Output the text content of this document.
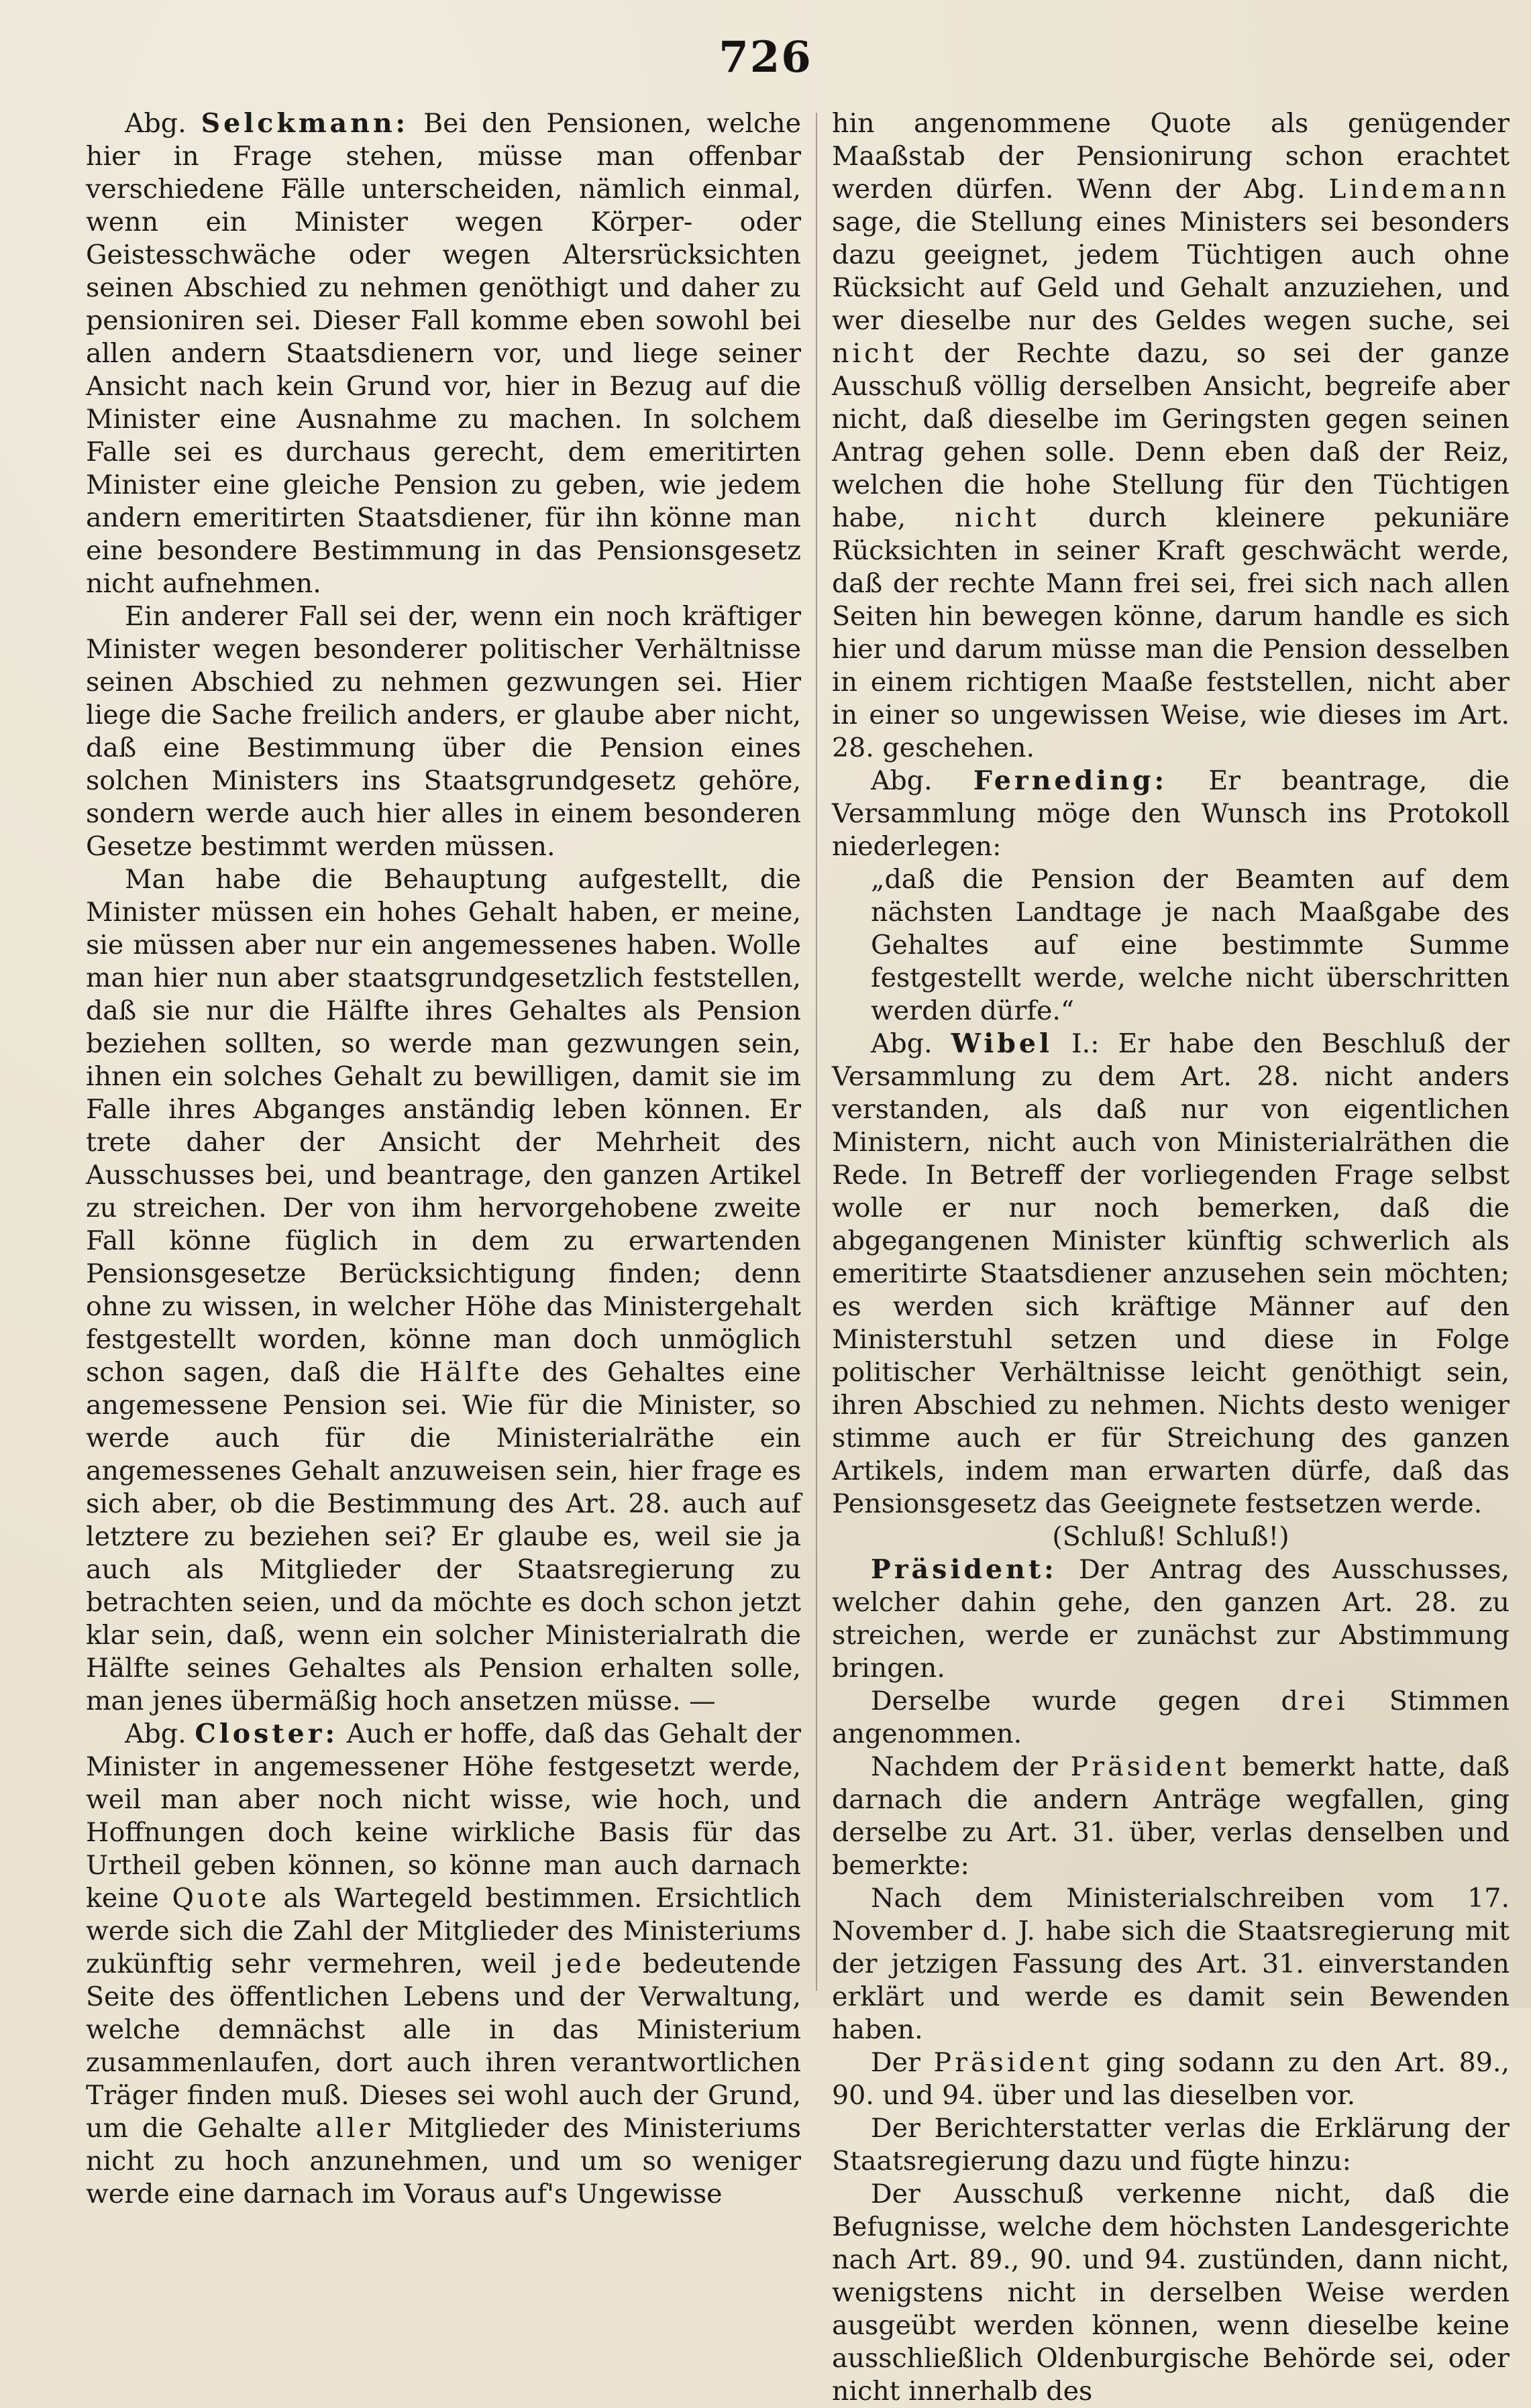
726

Abg. Selckmann: Bei den Pensionen, welche hier in Frage stehen, müsse man offenbar verschiedene Fälle unterscheiden, nämlich einmal, wenn ein Minister wegen Körper- oder Geistesschwäche oder wegen Altersrücksichten seinen Abschied zu nehmen genöthigt und daher zu pensioniren sei. Dieser Fall komme eben sowohl bei allen andern Staatsdienern vor, und liege seiner Ansicht nach kein Grund vor, hier in Bezug auf die Minister eine Ausnahme zu machen. In solchem Falle sei es durchaus gerecht, dem emeritirten Minister eine gleiche Pension zu geben, wie jedem andern emeritirten Staatsdiener, für ihn könne man eine besondere Bestimmung in das Pensionsgesetz nicht aufnehmen.

Ein anderer Fall sei der, wenn ein noch kräftiger Minister wegen besonderer politischer Verhältnisse seinen Abschied zu nehmen gezwungen sei. Hier liege die Sache freilich anders, er glaube aber nicht, daß eine Bestimmung über die Pension eines solchen Ministers ins Staatsgrundgesetz gehöre, sondern werde auch hier alles in einem besonderen Gesetze bestimmt werden müssen.

Man habe die Behauptung aufgestellt, die Minister müssen ein hohes Gehalt haben, er meine, sie müssen aber nur ein angemessenes haben. Wolle man hier nun aber staatsgrundgesetzlich feststellen, daß sie nur die Hälfte ihres Gehaltes als Pension beziehen sollten, so werde man gezwungen sein, ihnen ein solches Gehalt zu bewilligen, damit sie im Falle ihres Abganges anständig leben können. Er trete daher der Ansicht der Mehrheit des Ausschusses bei, und beantrage, den ganzen Artikel zu streichen. Der von ihm hervorgehobene zweite Fall könne füglich in dem zu erwartenden Pensionsgesetze Berücksichtigung finden; denn ohne zu wissen, in welcher Höhe das Ministergehalt festgestellt worden, könne man doch unmöglich schon sagen, daß die Hälfte des Gehaltes eine angemessene Pension sei. Wie für die Minister, so werde auch für die Ministerialräthe ein angemessenes Gehalt anzuweisen sein, hier frage es sich aber, ob die Bestimmung des Art. 28. auch auf letztere zu beziehen sei? Er glaube es, weil sie ja auch als Mitglieder der Staatsregierung zu betrachten seien, und da möchte es doch schon jetzt klar sein, daß, wenn ein solcher Ministerialrath die Hälfte seines Gehaltes als Pension erhalten solle, man jenes übermäßig hoch ansetzen müsse. —

Abg. Closter: Auch er hoffe, daß das Gehalt der Minister in angemessener Höhe festgesetzt werde, weil man aber noch nicht wisse, wie hoch, und Hoffnungen doch keine wirkliche Basis für das Urtheil geben können, so könne man auch darnach keine Quote als Wartegeld bestimmen. Ersichtlich werde sich die Zahl der Mitglieder des Ministeriums zukünftig sehr vermehren, weil jede bedeutende Seite des öffentlichen Lebens und der Verwaltung, welche demnächst alle in das Ministerium zusammenlaufen, dort auch ihren verantwortlichen Träger finden muß. Dieses sei wohl auch der Grund, um die Gehalte aller Mitglieder des Ministeriums nicht zu hoch anzunehmen, und um so weniger werde eine darnach im Voraus auf's Ungewisse

hin angenommene Quote als genügender Maaßstab der Pensionirung schon erachtet werden dürfen. Wenn der Abg. Lindemann sage, die Stellung eines Ministers sei besonders dazu geeignet, jedem Tüchtigen auch ohne Rücksicht auf Geld und Gehalt anzuziehen, und wer dieselbe nur des Geldes wegen suche, sei nicht der Rechte dazu, so sei der ganze Ausschuß völlig derselben Ansicht, begreife aber nicht, daß dieselbe im Geringsten gegen seinen Antrag gehen solle. Denn eben daß der Reiz, welchen die hohe Stellung für den Tüchtigen habe, nicht durch kleinere pekuniäre Rücksichten in seiner Kraft geschwächt werde, daß der rechte Mann frei sei, frei sich nach allen Seiten hin bewegen könne, darum handle es sich hier und darum müsse man die Pension desselben in einem richtigen Maaße feststellen, nicht aber in einer so ungewissen Weise, wie dieses im Art. 28. geschehen.

Abg. Ferneding: Er beantrage, die Versammlung möge den Wunsch ins Protokoll niederlegen:

„daß die Pension der Beamten auf dem nächsten Landtage je nach Maaßgabe des Gehaltes auf eine bestimmte Summe festgestellt werde, welche nicht überschritten werden dürfe.“

Abg. Wibel I.: Er habe den Beschluß der Versammlung zu dem Art. 28. nicht anders verstanden, als daß nur von eigentlichen Ministern, nicht auch von Ministerialräthen die Rede. In Betreff der vorliegenden Frage selbst wolle er nur noch bemerken, daß die abgegangenen Minister künftig schwerlich als emeritirte Staatsdiener anzusehen sein möchten; es werden sich kräftige Männer auf den Ministerstuhl setzen und diese in Folge politischer Verhältnisse leicht genöthigt sein, ihren Abschied zu nehmen. Nichts desto weniger stimme auch er für Streichung des ganzen Artikels, indem man erwarten dürfe, daß das Pensionsgesetz das Geeignete festsetzen werde.

(Schluß! Schluß!)

Präsident: Der Antrag des Ausschusses, welcher dahin gehe, den ganzen Art. 28. zu streichen, werde er zunächst zur Abstimmung bringen.

Derselbe wurde gegen drei Stimmen angenommen.

Nachdem der Präsident bemerkt hatte, daß darnach die andern Anträge wegfallen, ging derselbe zu Art. 31. über, verlas denselben und bemerkte:

Nach dem Ministerialschreiben vom 17. November d. J. habe sich die Staatsregierung mit der jetzigen Fassung des Art. 31. einverstanden erklärt und werde es damit sein Bewenden haben.

Der Präsident ging sodann zu den Art. 89., 90. und 94. über und las dieselben vor.

Der Berichterstatter verlas die Erklärung der Staatsregierung dazu und fügte hinzu:

Der Ausschuß verkenne nicht, daß die Befugnisse, welche dem höchsten Landesgerichte nach Art. 89., 90. und 94. zustünden, dann nicht, wenigstens nicht in derselben Weise werden ausgeübt werden können, wenn dieselbe keine ausschließlich Oldenburgische Behörde sei, oder nicht innerhalb des
